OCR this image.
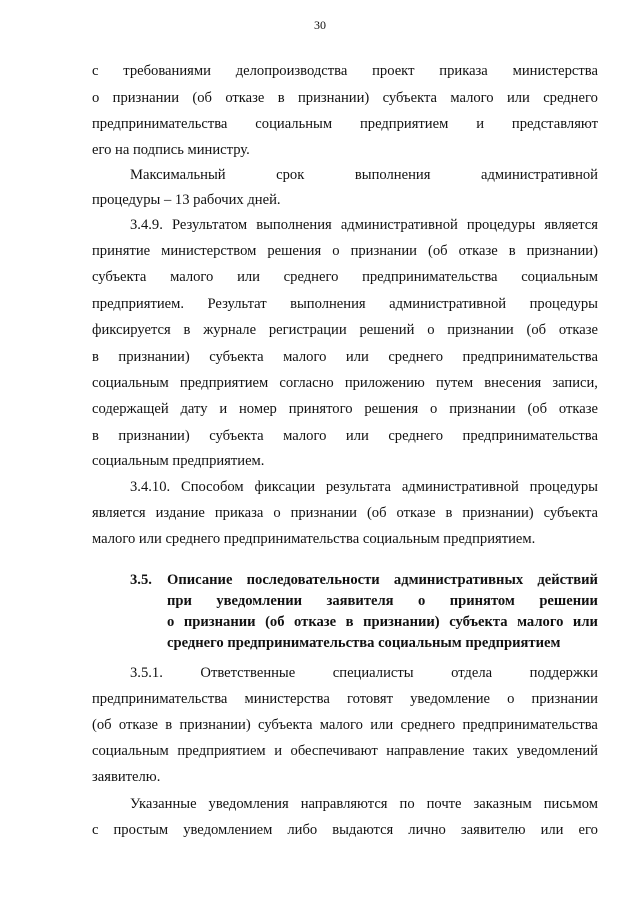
30
с требованиями делопроизводства проект приказа министерства
о признании (об отказе в признании) субъекта малого или среднего
предпринимательства социальным предприятием и представляют
его на подпись министру.
Максимальный	срок	выполнения	административной
процедуры – 13 рабочих дней.
3.4.9. Результатом выполнения административной процедуры является
принятие министерством решения о признании (об отказе в признании)
субъекта малого или среднего предпринимательства социальным
предприятием. Результат выполнения административной процедуры
фиксируется в журнале регистрации решений о признании (об отказе
в признании) субъекта малого или среднего предпринимательства
социальным предприятием согласно приложению путем внесения записи,
содержащей дату и номер принятого решения о признании (об отказе
в признании) субъекта малого или среднего предпринимательства
социальным предприятием.
3.4.10. Способом фиксации результата административной процедуры
является издание приказа о признании (об отказе в признании) субъекта
малого или среднего предпринимательства социальным предприятием.
3.5. Описание последовательности административных действий
при уведомлении заявителя о принятом решении
о признании (об отказе в признании) субъекта малого или
среднего предпринимательства социальным предприятием
3.5.1.	Ответственные	специалисты	отдела	поддержки
предпринимательства министерства готовят уведомление о признании
(об отказе в признании) субъекта малого или среднего предпринимательства
социальным предприятием и обеспечивают направление таких уведомлений
заявителю.
Указанные уведомления направляются по почте заказным письмом
с простым уведомлением либо выдаются лично заявителю или его
